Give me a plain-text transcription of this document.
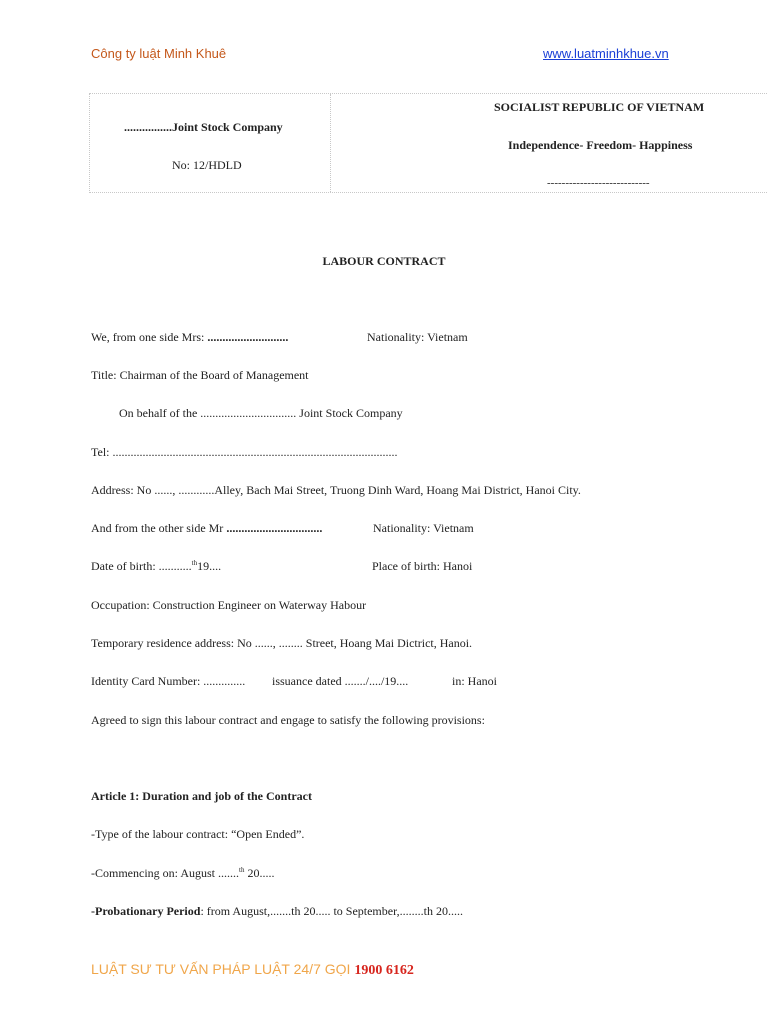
Công ty luật Minh Khuê	www.luatminhkhue.vn
................Joint Stock Company
No: 12/HDLD
SOCIALIST REPUBLIC OF VIETNAM
Independence- Freedom- Happiness
----------------------------
LABOUR CONTRACT
We, from one side Mrs: ...........................	Nationality: Vietnam
Title: Chairman of the Board of Management
On behalf of the ................................ Joint Stock Company
Tel: ...............................................................................................
Address: No ......, ............Alley, Bach Mai Street, Truong Dinh Ward, Hoang Mai District, Hanoi City.
And from the other side Mr ................................	Nationality: Vietnam
Date of birth: ...........$^{th}$19....	Place of birth: Hanoi
Occupation: Construction Engineer on Waterway Habour
Temporary residence address: No ......, ........ Street, Hoang Mai Dictrict, Hanoi.
Identity Card Number: .............. issuance dated ......./..../19....	in: Hanoi
Agreed to sign this labour contract and engage to satisfy the following provisions:
Article 1: Duration and job of the Contract
-Type of the labour contract: “Open Ended”.
-Commencing on: August .......$^{th}$ 20.....
-Probationary Period: from August,.......th 20..... to September,........th 20.....
LUẬT SƯ TƯ VẤN PHÁP LUẬT 24/7 GỌI 1900 6162
